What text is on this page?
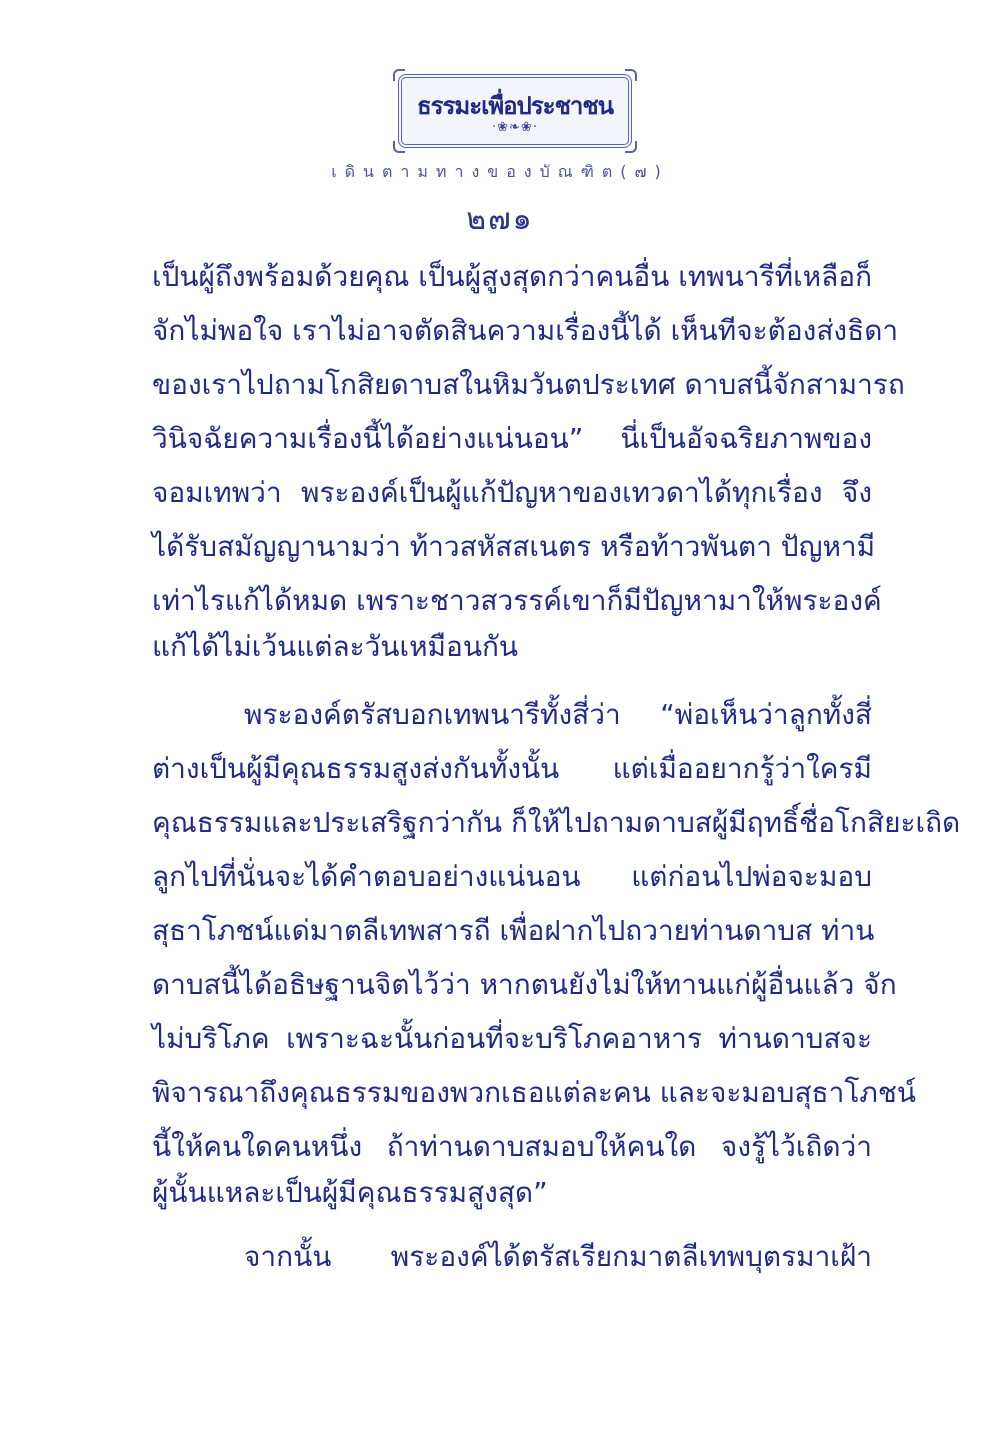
ธรรมะเพื่อประชาชน
·❀❧❀·
เดินตามทางของบัณฑิต(๗)
๒๗๑
เป็นผู้ถึงพร้อมด้วยคุณ เป็นผู้สูงสุดกว่าคนอื่น เทพนารีที่เหลือก็
จักไม่พอใจ เราไม่อาจตัดสินความเรื่องนี้ได้ เห็นทีจะต้องส่งธิดา
ของเราไปถามโกสิยดาบสในหิมวันตประเทศ ดาบสนี้จักสามารถ
วินิจฉัยความเรื่องนี้ได้อย่างแน่นอน” นี่เป็นอัจฉริยภาพของ
จอมเทพว่า พระองค์เป็นผู้แก้ปัญหาของเทวดาได้ทุกเรื่อง จึง
ได้รับสมัญญานามว่า ท้าวสหัสสเนตร หรือท้าวพันตา ปัญหามี
เท่าไรแก้ได้หมด เพราะชาวสวรรค์เขาก็มีปัญหามาให้พระองค์
แก้ได้ไม่เว้นแต่ละวันเหมือนกัน
พระองค์ตรัสบอกเทพนารีทั้งสี่ว่า “พ่อเห็นว่าลูกทั้งสี่
ต่างเป็นผู้มีคุณธรรมสูงส่งกันทั้งนั้น แต่เมื่ออยากรู้ว่าใครมี
คุณธรรมและประเสริฐกว่ากัน ก็ให้ไปถามดาบสผู้มีฤทธิ์ชื่อโกสิยะเถิด
ลูกไปที่นั่นจะได้คำตอบอย่างแน่นอน แต่ก่อนไปพ่อจะมอบ
สุธาโภชน์แด่มาตลีเทพสารถี เพื่อฝากไปถวายท่านดาบส ท่าน
ดาบสนี้ได้อธิษฐานจิตไว้ว่า หากตนยังไม่ให้ทานแก่ผู้อื่นแล้ว จัก
ไม่บริโภค เพราะฉะนั้นก่อนที่จะบริโภคอาหาร ท่านดาบสจะ
พิจารณาถึงคุณธรรมของพวกเธอแต่ละคน และจะมอบสุธาโภชน์
นี้ให้คนใดคนหนึ่ง ถ้าท่านดาบสมอบให้คนใด จงรู้ไว้เถิดว่า
ผู้นั้นแหละเป็นผู้มีคุณธรรมสูงสุด”
จากนั้น พระองค์ได้ตรัสเรียกมาตลีเทพบุตรมาเฝ้า
